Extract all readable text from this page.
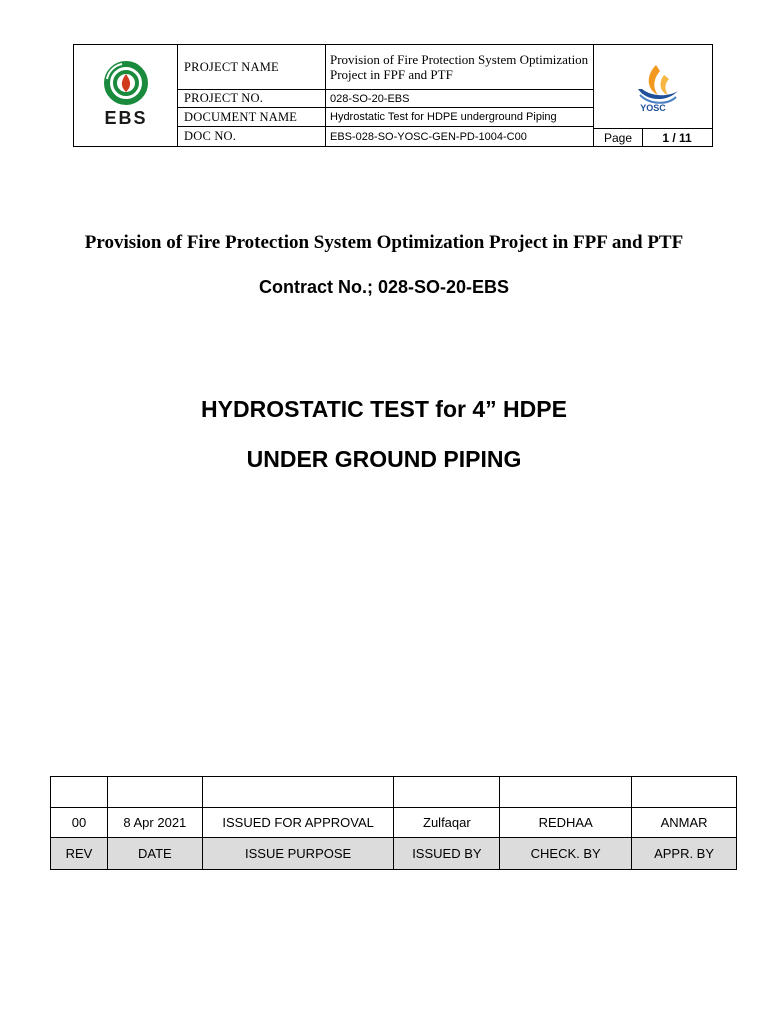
EBS
PROJECT NAME	Provision of Fire Protection System Optimization Project in FPF and PTF
PROJECT NO.	028-SO-20-EBS
DOCUMENT NAME	Hydrostatic Test for HDPE underground Piping
DOC NO.	EBS-028-SO-YOSC-GEN-PD-1004-C00
YOSC
Page	1 / 11
Provision of Fire Protection System Optimization Project in FPF and PTF
Contract No.; 028-SO-20-EBS
HYDROSTATIC TEST for 4” HDPE
UNDER GROUND PIPING

00	8 Apr 2021	ISSUED FOR APPROVAL	Zulfaqar	REDHAA	ANMAR
REV	DATE	ISSUE PURPOSE	ISSUED BY	CHECK. BY	APPR. BY
